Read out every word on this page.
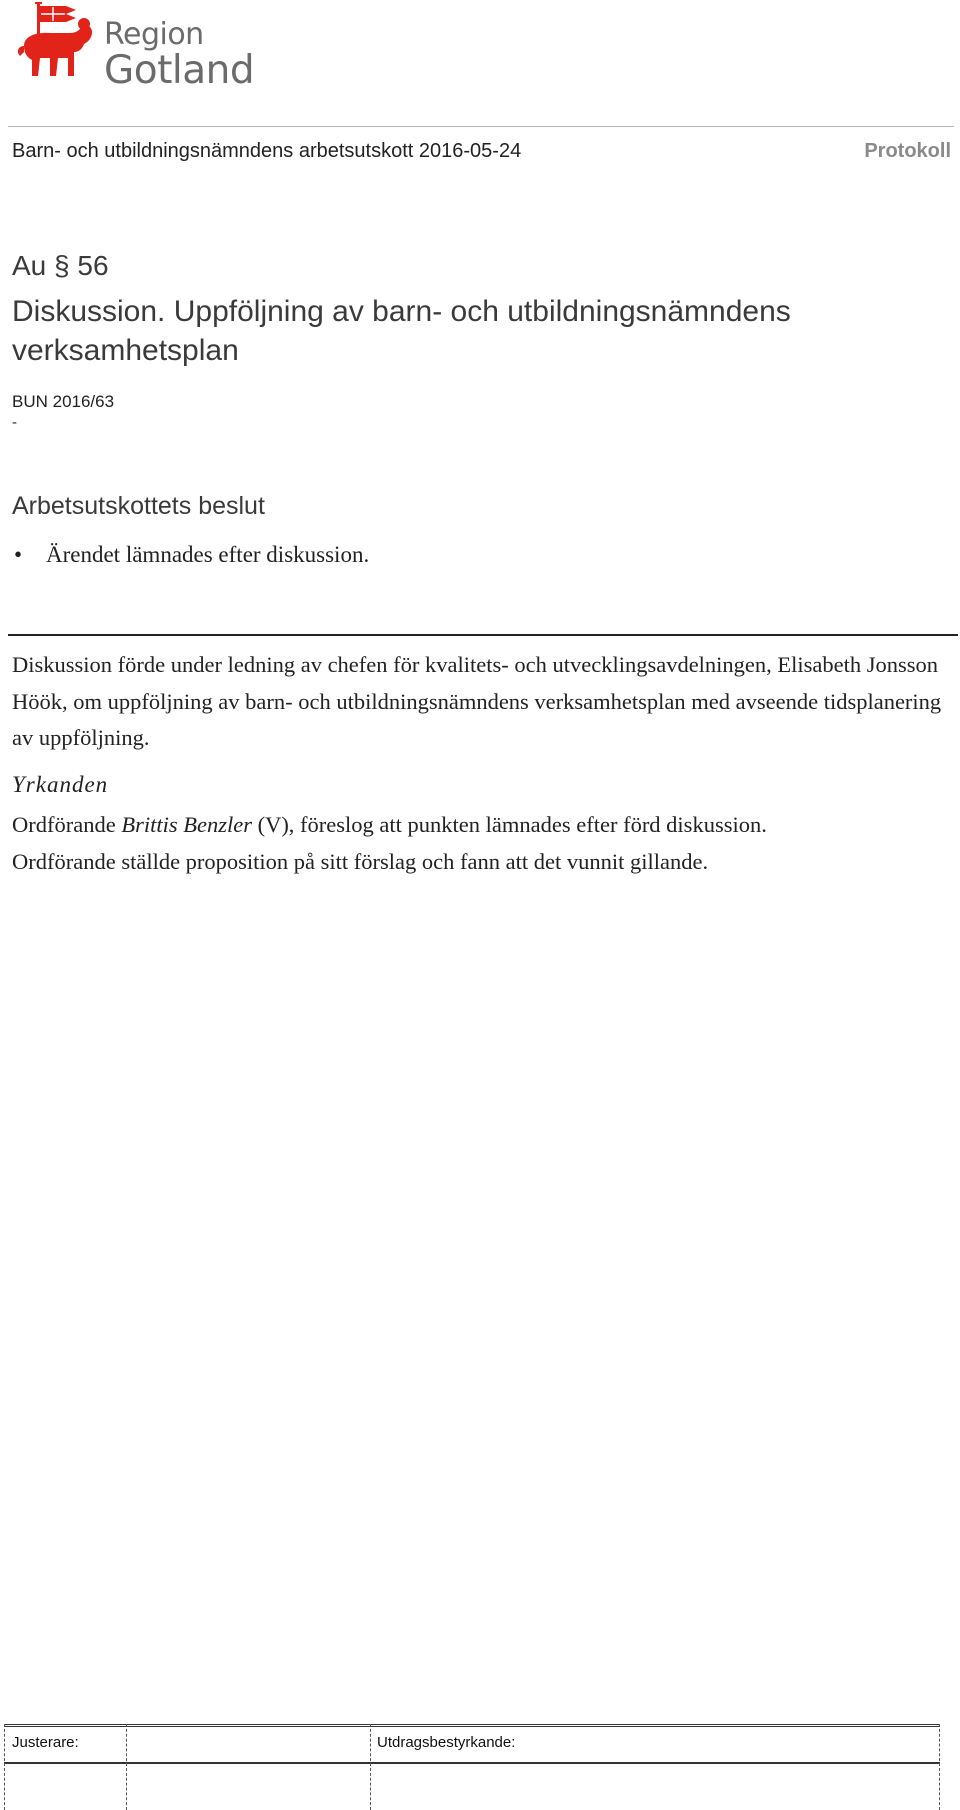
Region
Gotland
Barn- och utbildningsnämndens arbetsutskott 2016-05-24	Protokoll
Au § 56
Diskussion. Uppföljning av barn- och utbildningsnämndens verksamhetsplan
BUN 2016/63
-
Arbetsutskottets beslut
• Ärendet lämnades efter diskussion.
Diskussion förde under ledning av chefen för kvalitets- och utvecklingsavdelningen, Elisabeth Jonsson Höök, om uppföljning av barn- och utbildningsnämndens verksamhetsplan med avseende tidsplanering av uppföljning.
Yrkanden
Ordförande Brittis Benzler (V), föreslog att punkten lämnades efter förd diskussion.
Ordförande ställde proposition på sitt förslag och fann att det vunnit gillande.
Justerare:	Utdragsbestyrkande:
